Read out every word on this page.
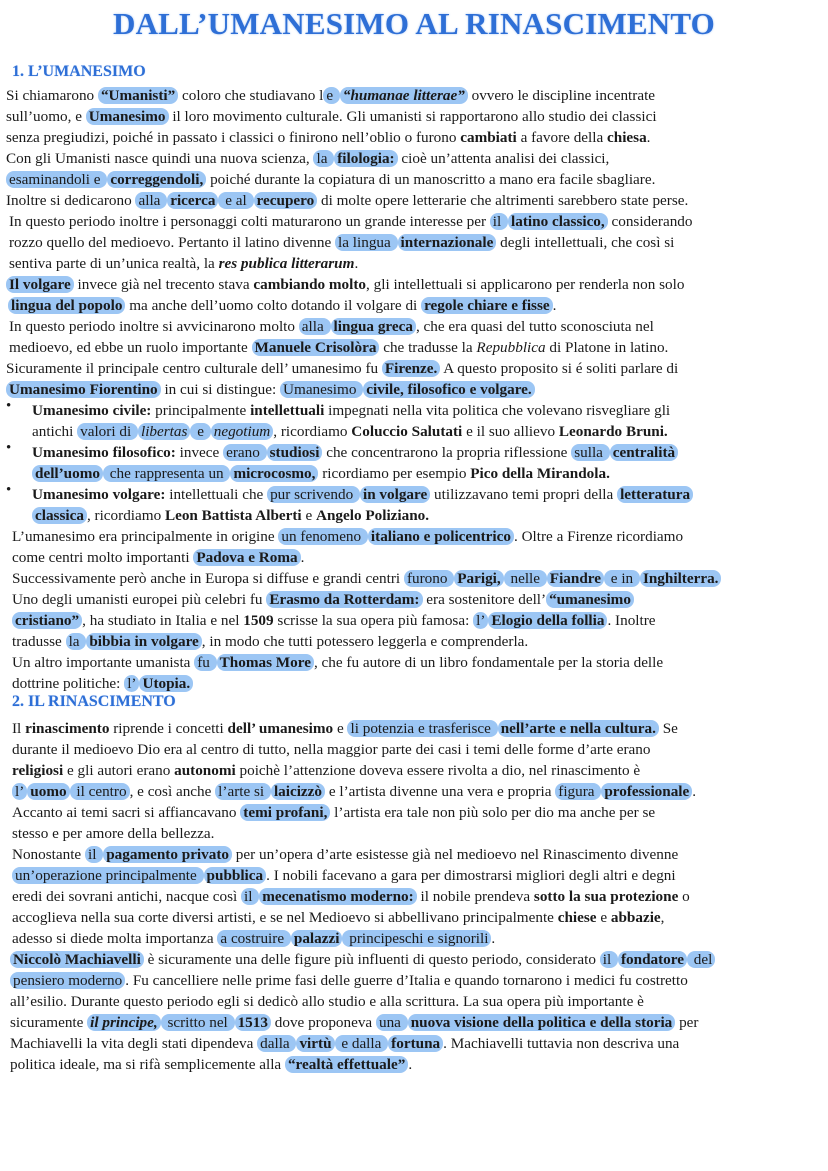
DALL’UMANESIMO AL RINASCIMENTO
1. L’UMANESIMO
2. IL RINASCIMENTO
•
•
•
Si chiamarono “Umanisti” coloro che studiavano l e “humanae litterae” ovvero le discipline incentrate
sull’uomo, e Umanesimo il loro movimento culturale. Gli umanisti si rapportarono allo studio dei classici
senza pregiudizi, poiché in passato i classici o finirono nell’oblio o furono cambiati a favore della chiesa.
Con gli Umanisti nasce quindi una nuova scienza, la filologia: cioè un’attenta analisi dei classici,
esaminandoli e correggendoli, poiché durante la copiatura di un manoscritto a mano era facile sbagliare.
Inoltre si dedicarono alla ricerca e al recupero di molte opere letterarie che altrimenti sarebbero state perse.
In questo periodo inoltre i personaggi colti maturarono un grande interesse per il latino classico, considerando
rozzo quello del medioevo. Pertanto il latino divenne la lingua internazionale degli intellettuali, che così si
sentiva parte di un’unica realtà, la res publica litterarum.
Il volgare invece già nel trecento stava cambiando molto, gli intellettuali si applicarono per renderla non solo
lingua del popolo ma anche dell’uomo colto dotando il volgare di regole chiare e fisse .
In questo periodo inoltre si avvicinarono molto alla lingua greca , che era quasi del tutto sconosciuta nel
medioevo, ed ebbe un ruolo importante Manuele Crisolòra che tradusse la Repubblica di Platone in latino.
Sicuramente il principale centro culturale dell’ umanesimo fu Firenze. A questo proposito si é soliti parlare di
Umanesimo Fiorentino in cui si distingue: Umanesimo civile, filosofico e volgare.
Umanesimo civile: principalmente intellettuali impegnati nella vita politica che volevano risvegliare gli
antichi valori di libertas e negotium , ricordiamo Coluccio Salutati e il suo allievo Leonardo Bruni.
Umanesimo filosofico: invece erano studiosi che concentrarono la propria riflessione sulla centralità
dell’uomo che rappresenta un microcosmo, ricordiamo per esempio Pico della Mirandola.
Umanesimo volgare: intellettuali che pur scrivendo in volgare utilizzavano temi propri della letteratura
classica , ricordiamo Leon Battista Alberti e Angelo Poliziano.
L’umanesimo era principalmente in origine un fenomeno italiano e policentrico . Oltre a Firenze ricordiamo
come centri molto importanti Padova e Roma .
Successivamente però anche in Europa si diffuse e grandi centri furono Parigi, nelle Fiandre e in Inghilterra.
Uno degli umanisti europei più celebri fu Erasmo da Rotterdam: era sostenitore dell’ “umanesimo
cristiano” , ha studiato in Italia e nel 1509 scrisse la sua opera più famosa: l’ Elogio della follia . Inoltre
tradusse la bibbia in volgare , in modo che tutti potessero leggerla e comprenderla.
Un altro importante umanista fu Thomas More , che fu autore di un libro fondamentale per la storia delle
dottrine politiche: l’ Utopia.
Il rinascimento riprende i concetti dell’ umanesimo e li potenzia e trasferisce nell’arte e nella cultura. Se
durante il medioevo Dio era al centro di tutto, nella maggior parte dei casi i temi delle forme d’arte erano
religiosi e gli autori erano autonomi poichè l’attenzione doveva essere rivolta a dio, nel rinascimento è
l’ uomo il centro , e così anche l’arte si laicizzò e l’artista divenne una vera e propria figura professionale .
Accanto ai temi sacri si affiancavano temi profani, l’artista era tale non più solo per dio ma anche per se
stesso e per amore della bellezza.
Nonostante il pagamento privato per un’opera d’arte esistesse già nel medioevo nel Rinascimento divenne
un’operazione principalmente pubblica . I nobili facevano a gara per dimostrarsi migliori degli altri e degni
eredi dei sovrani antichi, nacque così il mecenatismo moderno: il nobile prendeva sotto la sua protezione o
accoglieva nella sua corte diversi artisti, e se nel Medioevo si abbellivano principalmente chiese e abbazie,
adesso si diede molta importanza a costruire palazzi principeschi e signorili .
Niccolò Machiavelli è sicuramente una delle figure più influenti di questo periodo, considerato il fondatore del
pensiero moderno . Fu cancelliere nelle prime fasi delle guerre d’Italia e quando tornarono i medici fu costretto
all’esilio. Durante questo periodo egli si dedicò allo studio e alla scrittura. La sua opera più importante è
sicuramente il principe, scritto nel 1513 dove proponeva una nuova visione della politica e della storia per
Machiavelli la vita degli stati dipendeva dalla virtù e dalla fortuna . Machiavelli tuttavia non descriva una
politica ideale, ma si rifà semplicemente alla “realtà effettuale” .
